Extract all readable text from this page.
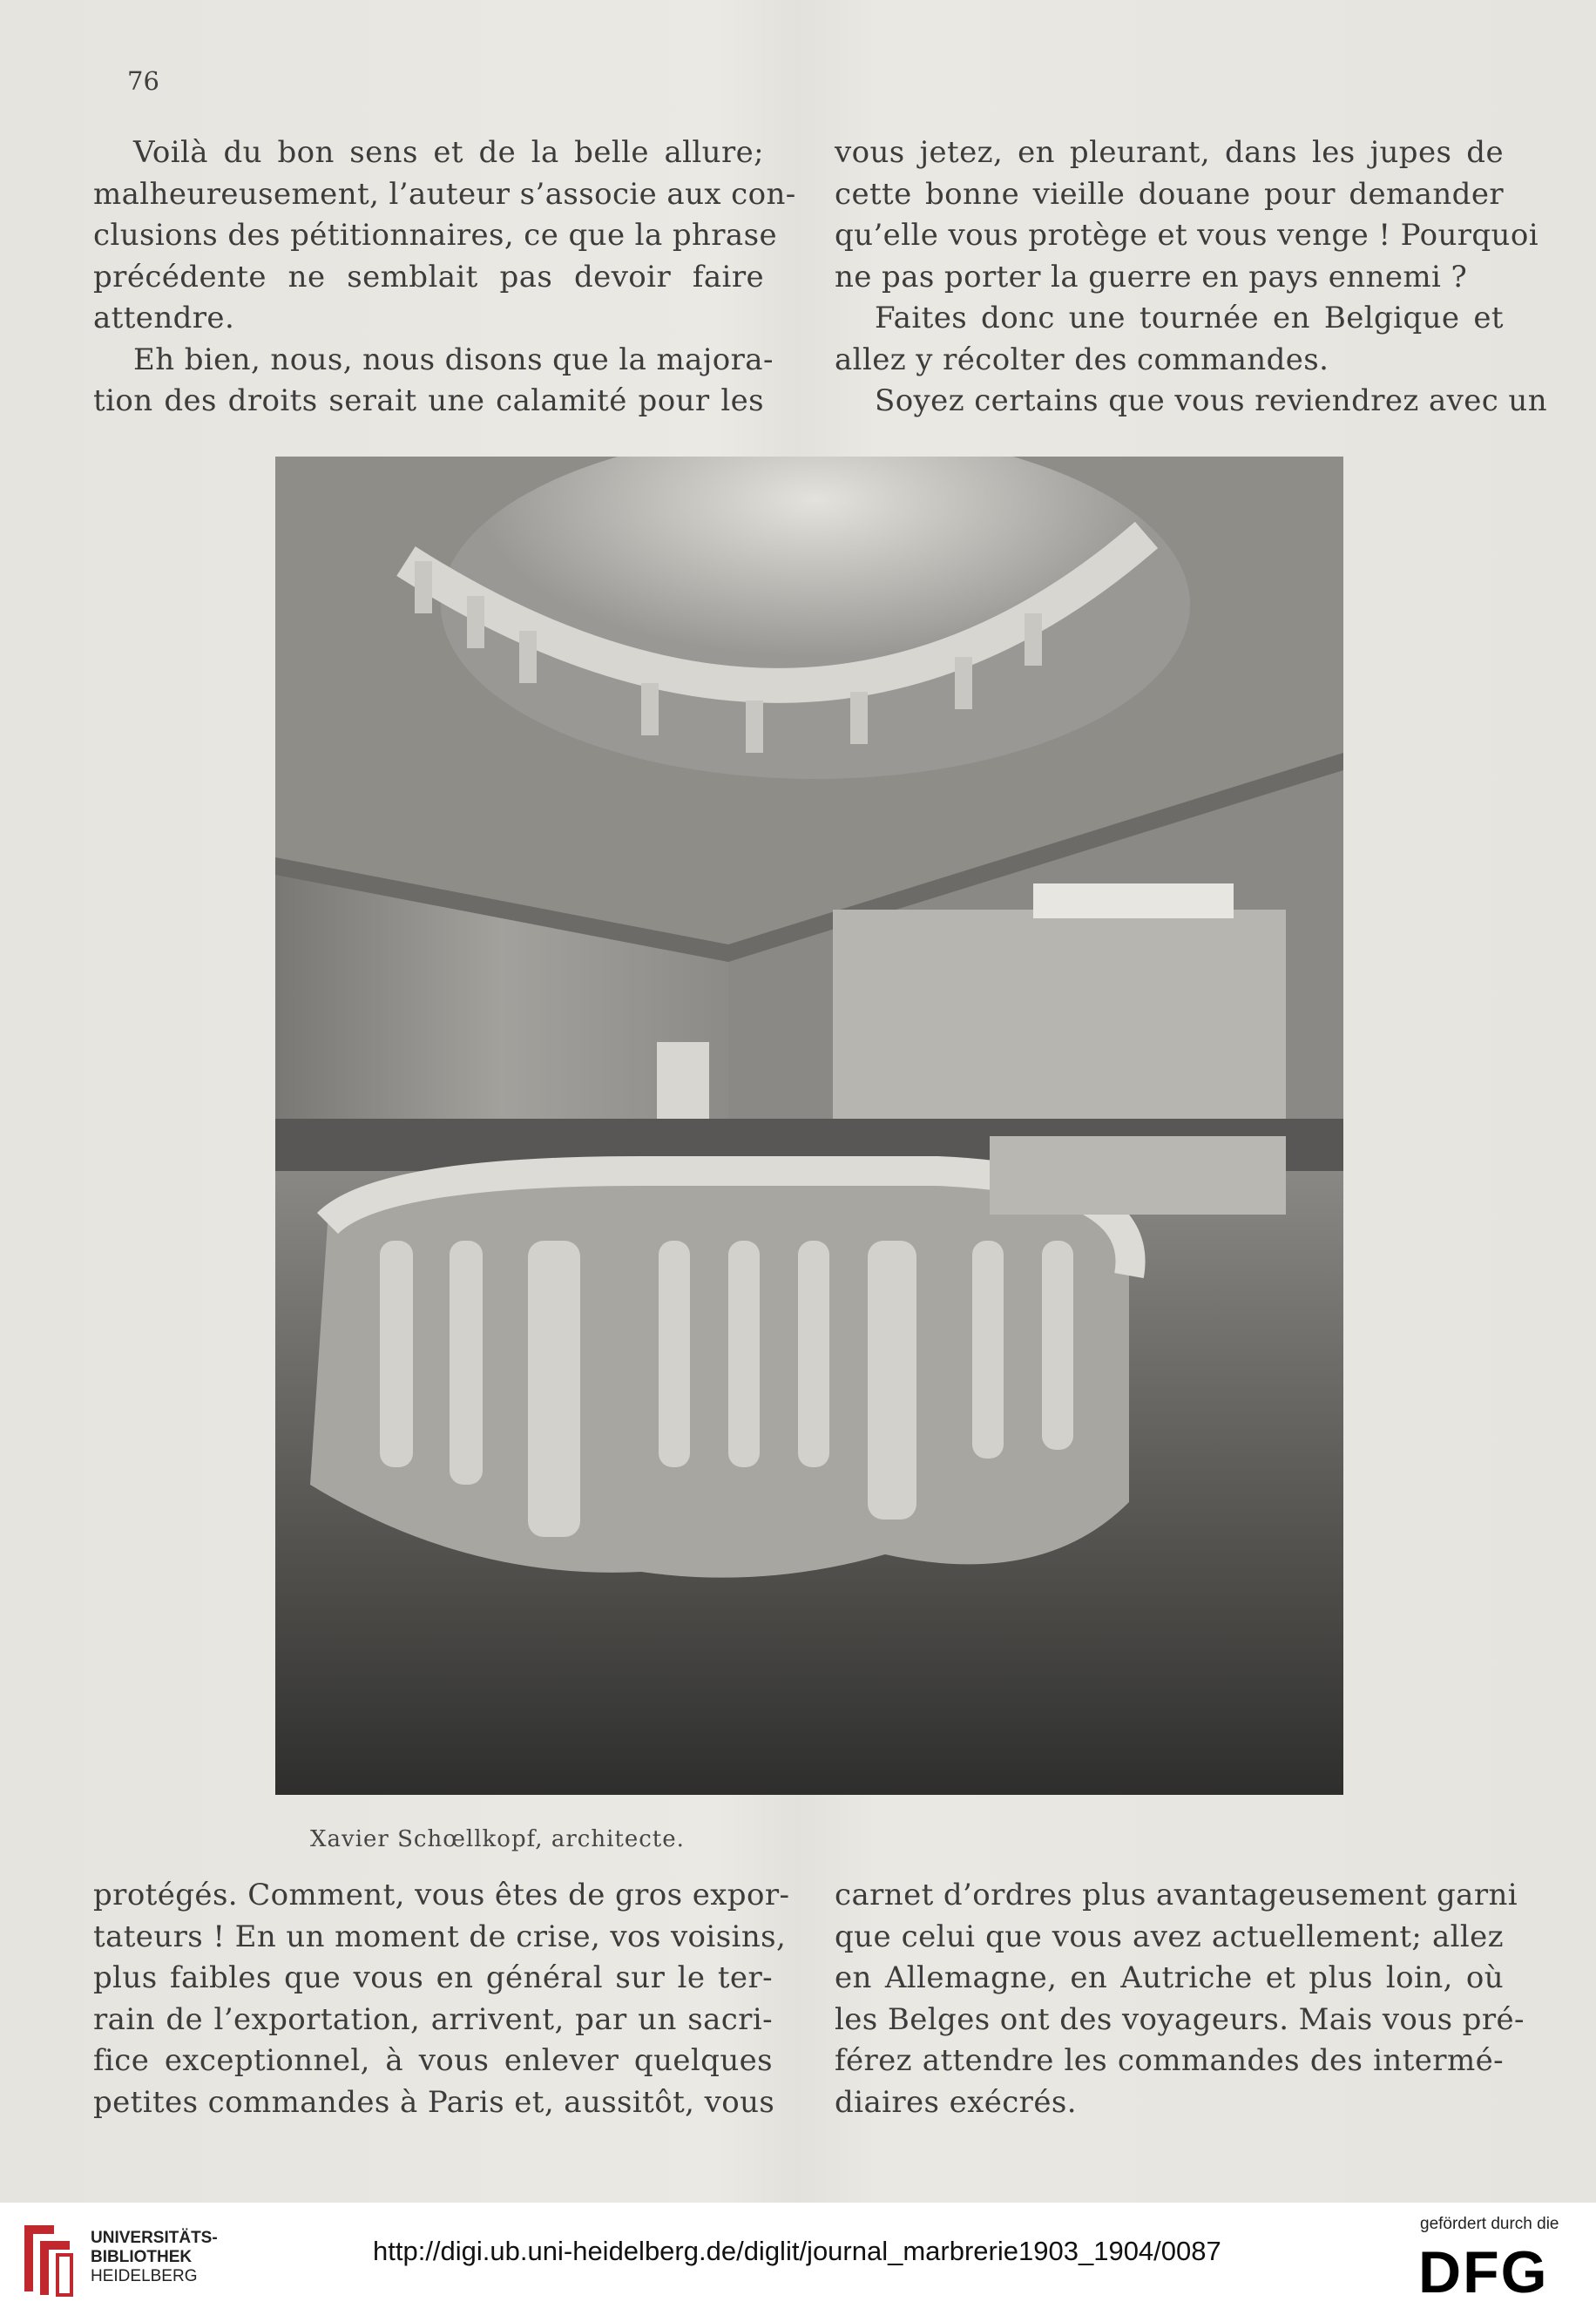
76
Voilà du bon sens et de la belle allure;
malheureusement, l’auteur s’associe aux con-
clusions des pétitionnaires, ce que la phrase
précédente ne semblait pas devoir faire
attendre.
Eh bien, nous, nous disons que la majora-
tion des droits serait une calamité pour les
vous jetez, en pleurant, dans les jupes de
cette bonne vieille douane pour demander
qu’elle vous protège et vous venge ! Pourquoi
ne pas porter la guerre en pays ennemi ?
Faites donc une tournée en Belgique et
allez y récolter des commandes.
Soyez certains que vous reviendrez avec un
Xavier Schœllkopf, architecte.
protégés. Comment, vous êtes de gros expor-
tateurs ! En un moment de crise, vos voisins,
plus faibles que vous en général sur le ter-
rain de l’exportation, arrivent, par un sacri-
fice exceptionnel, à vous enlever quelques
petites commandes à Paris et, aussitôt, vous
carnet d’ordres plus avantageusement garni
que celui que vous avez actuellement; allez
en Allemagne, en Autriche et plus loin, où
les Belges ont des voyageurs. Mais vous pré-
férez attendre les commandes des intermé-
diaires exécrés.
UNIVERSITÄTS-
BIBLIOTHEK
HEIDELBERG
http://digi.ub.uni-heidelberg.de/diglit/journal_marbrerie1903_1904/0087
gefördert durch die
DFG
